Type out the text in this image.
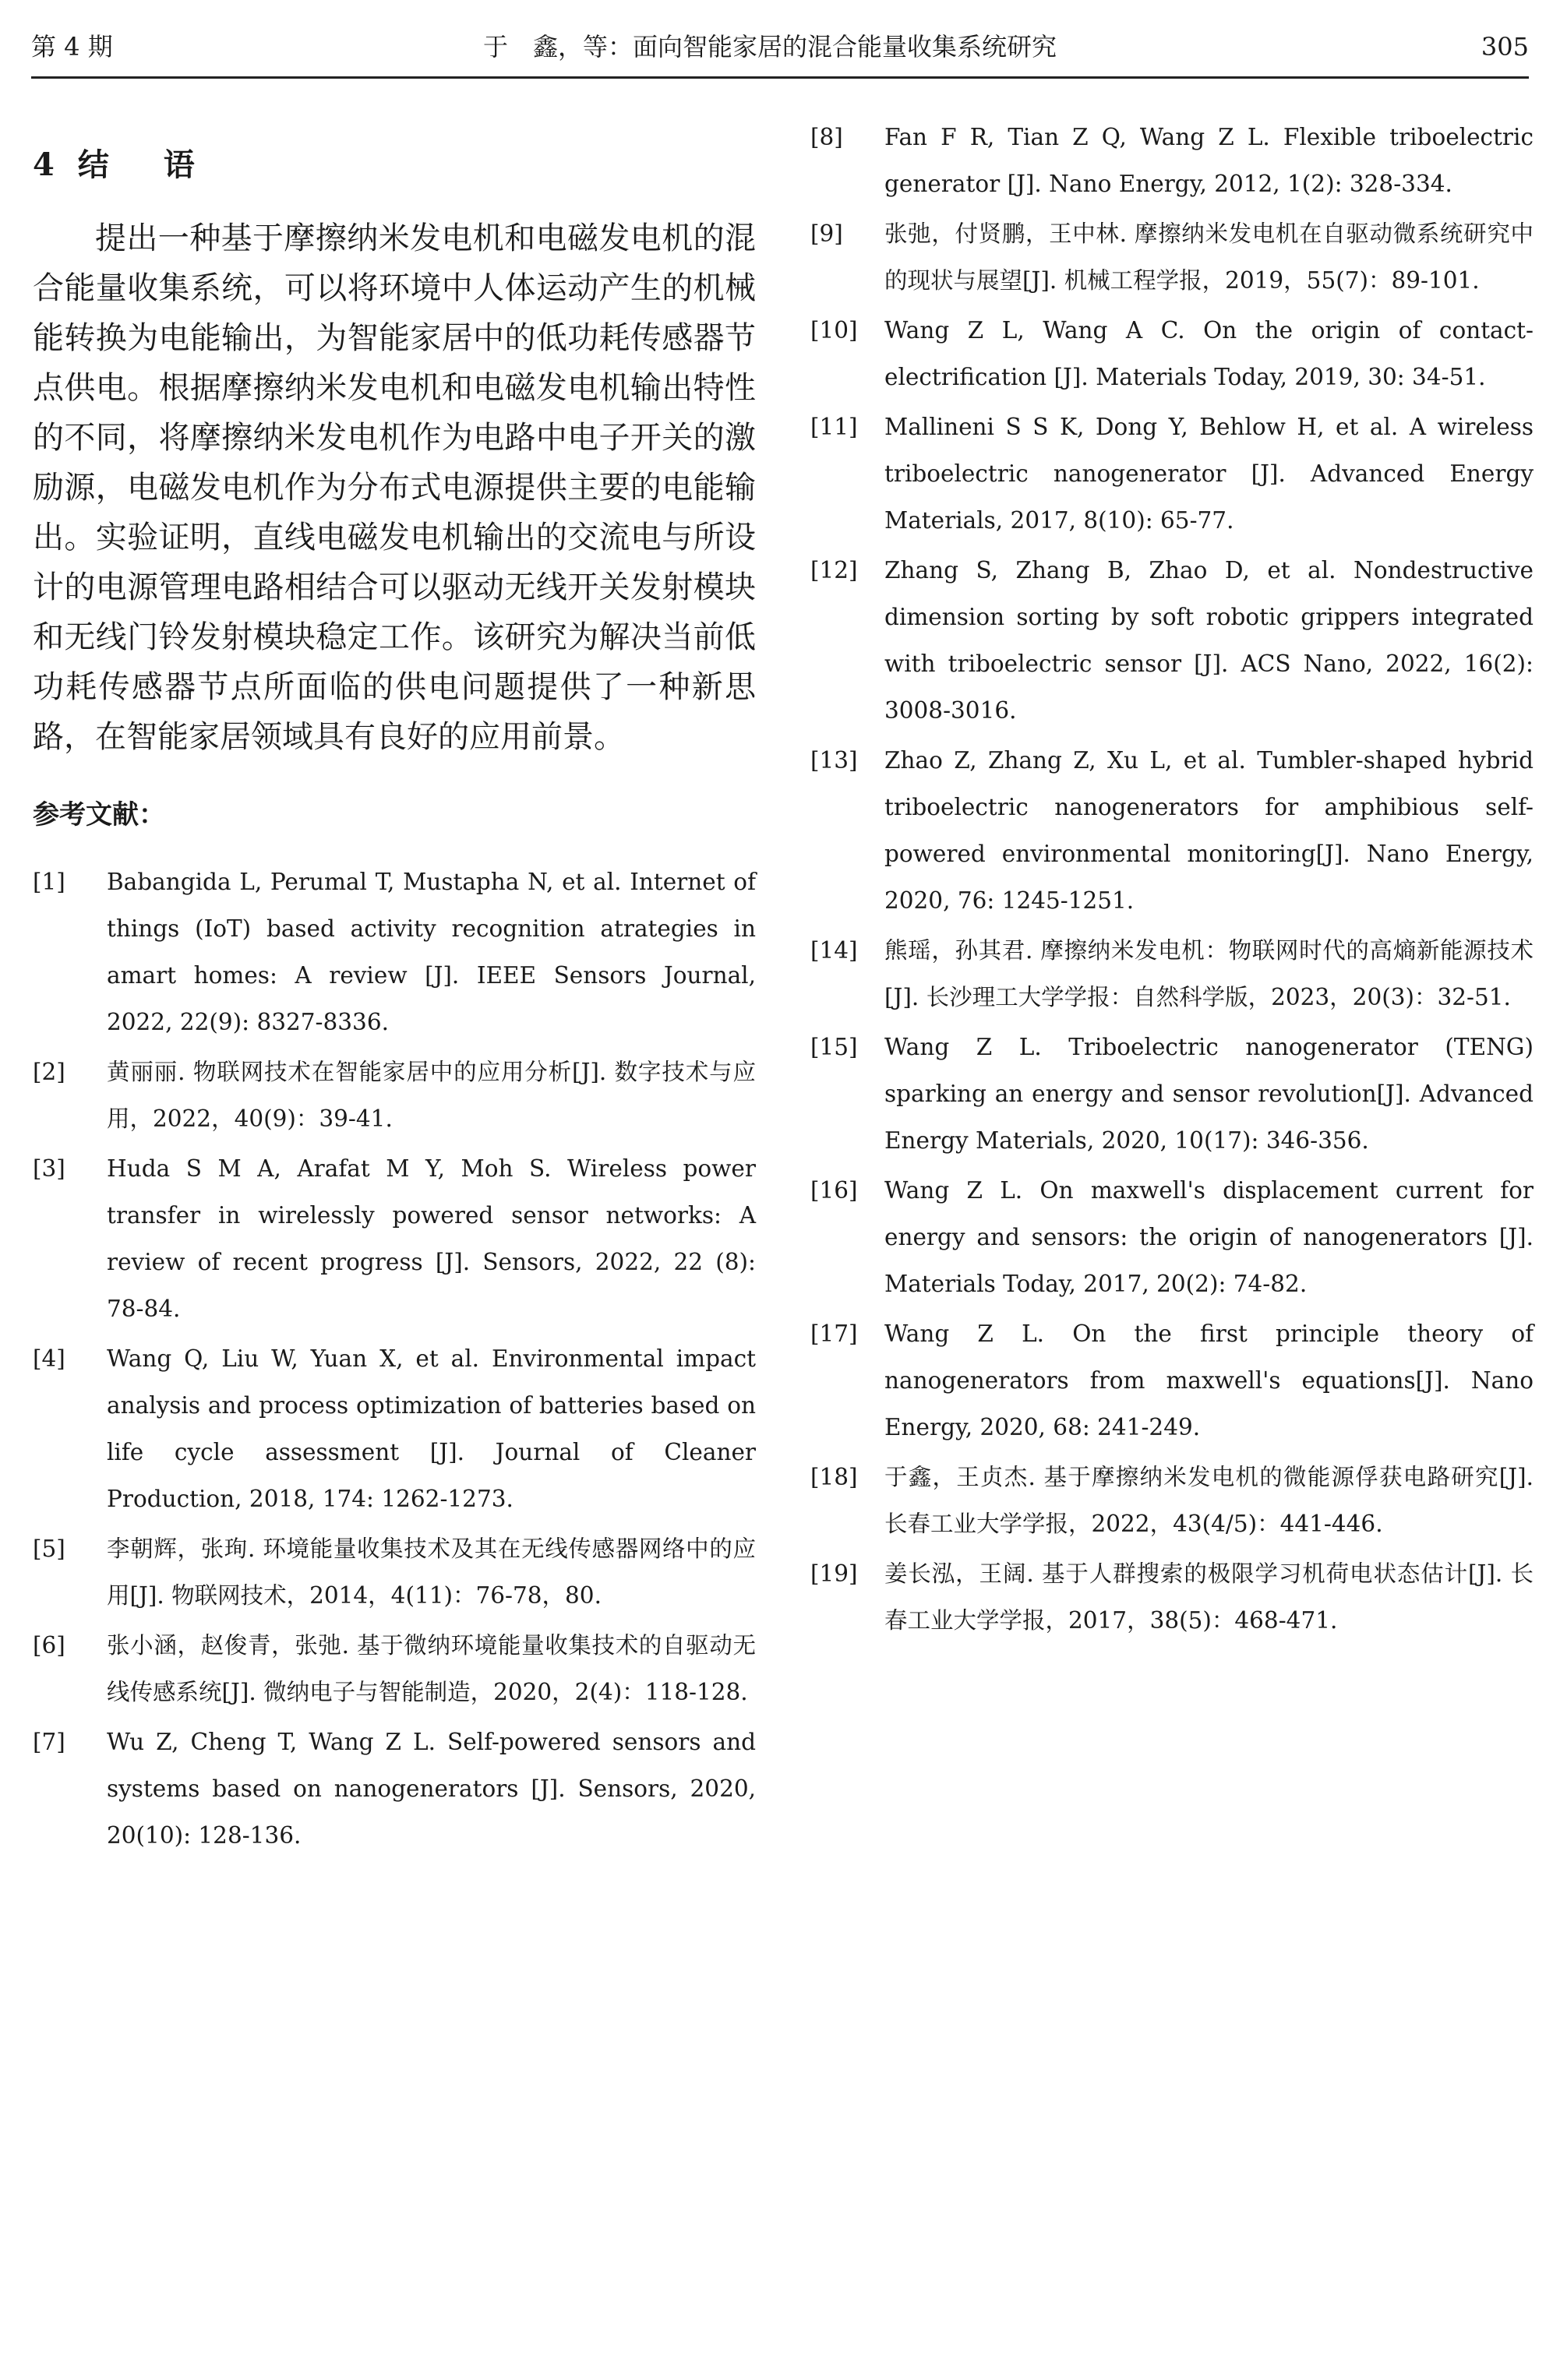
第 4 期	于　鑫，等：面向智能家居的混合能量收集系统研究	305
4 结 语

提出一种基于摩擦纳米发电机和电磁发电机的混合能量收集系统，可以将环境中人体运动产生的机械能转换为电能输出，为智能家居中的低功耗传感器节点供电。根据摩擦纳米发电机和电磁发电机输出特性的不同，将摩擦纳米发电机作为电路中电子开关的激励源，电磁发电机作为分布式电源提供主要的电能输出。实验证明，直线电磁发电机输出的交流电与所设计的电源管理电路相结合可以驱动无线开关发射模块和无线门铃发射模块稳定工作。该研究为解决当前低功耗传感器节点所面临的供电问题提供了一种新思路，在智能家居领域具有良好的应用前景。

参考文献：
[1]	Babangida L, Perumal T, Mustapha N, et al. Internet of things (IoT) based activity recognition atrategies in amart homes: A review [J]. IEEE Sensors Journal, 2022, 22(9): 8327-8336.
[2]	黄丽丽. 物联网技术在智能家居中的应用分析[J]. 数字技术与应用，2022，40(9)：39-41.
[3]	Huda S M A, Arafat M Y, Moh S. Wireless power transfer in wirelessly powered sensor networks: A review of recent progress [J]. Sensors, 2022, 22 (8): 78-84.
[4]	Wang Q, Liu W, Yuan X, et al. Environmental impact analysis and process optimization of batteries based on life cycle assessment [J]. Journal of Cleaner Production, 2018, 174: 1262-1273.
[5]	李朝辉，张珣. 环境能量收集技术及其在无线传感器网络中的应用[J]. 物联网技术，2014，4(11)：76-78，80.
[6]	张小涵，赵俊青，张弛. 基于微纳环境能量收集技术的自驱动无线传感系统[J]. 微纳电子与智能制造，2020，2(4)：118-128.
[7]	Wu Z, Cheng T, Wang Z L. Self-powered sensors and systems based on nanogenerators [J]. Sensors, 2020, 20(10): 128-136.
[8]	Fan F R, Tian Z Q, Wang Z L. Flexible triboelectric generator [J]. Nano Energy, 2012, 1(2): 328-334.
[9]	张弛，付贤鹏，王中林. 摩擦纳米发电机在自驱动微系统研究中的现状与展望[J]. 机械工程学报，2019，55(7)：89-101.
[10]	Wang Z L, Wang A C. On the origin of contact-electrification [J]. Materials Today, 2019, 30: 34-51.
[11]	Mallineni S S K, Dong Y, Behlow H, et al. A wireless triboelectric nanogenerator [J]. Advanced Energy Materials, 2017, 8(10): 65-77.
[12]	Zhang S, Zhang B, Zhao D, et al. Nondestructive dimension sorting by soft robotic grippers integrated with triboelectric sensor [J]. ACS Nano, 2022, 16(2): 3008-3016.
[13]	Zhao Z, Zhang Z, Xu L, et al. Tumbler-shaped hybrid triboelectric nanogenerators for amphibious self-powered environmental monitoring[J]. Nano Energy, 2020, 76: 1245-1251.
[14]	熊瑶，孙其君. 摩擦纳米发电机：物联网时代的高熵新能源技术[J]. 长沙理工大学学报：自然科学版，2023，20(3)：32-51.
[15]	Wang Z L. Triboelectric nanogenerator (TENG) sparking an energy and sensor revolution[J]. Advanced Energy Materials, 2020, 10(17): 346-356.
[16]	Wang Z L. On maxwell's displacement current for energy and sensors: the origin of nanogenerators [J]. Materials Today, 2017, 20(2): 74-82.
[17]	Wang Z L. On the first principle theory of nanogenerators from maxwell's equations[J]. Nano Energy, 2020, 68: 241-249.
[18]	于鑫，王贞杰. 基于摩擦纳米发电机的微能源俘获电路研究[J]. 长春工业大学学报，2022，43(4/5)：441-446.
[19]	姜长泓，王阔. 基于人群搜索的极限学习机荷电状态估计[J]. 长春工业大学学报，2017，38(5)：468-471.
